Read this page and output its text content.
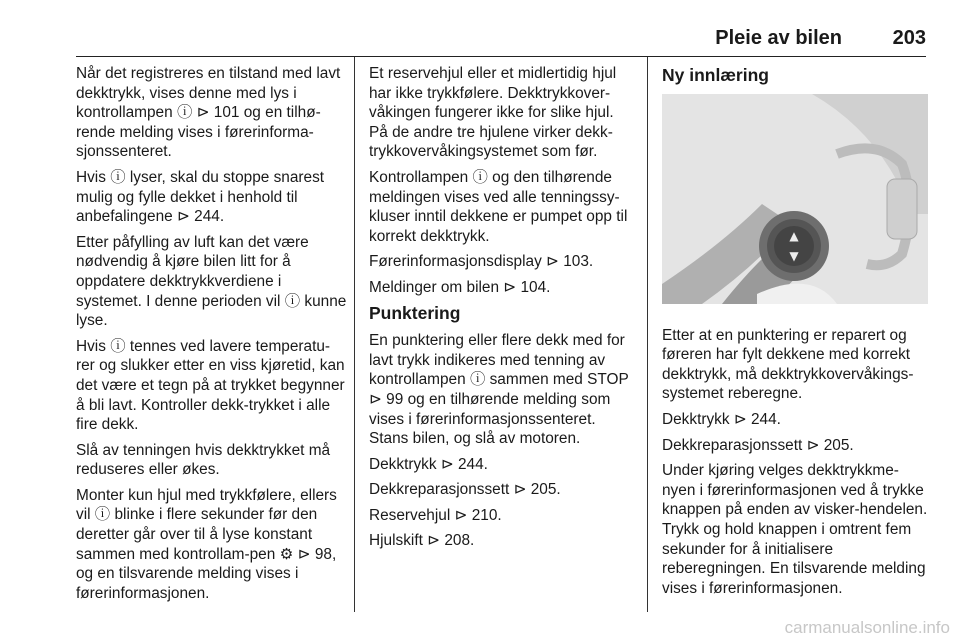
Pleie av bilen	203

Når det registreres en tilstand med lavt dekktrykk, vises denne med lys i kontrollampen ⓘ ⊳ 101 og en tilhø-rende melding vises i førerinforma-sjonssenteret.

Hvis ⓘ lyser, skal du stoppe snarest mulig og fylle dekket i henhold til anbefalingene ⊳ 244.

Etter påfylling av luft kan det være nødvendig å kjøre bilen litt for å oppdatere dekktrykkverdiene i systemet. I denne perioden vil ⓘ kunne lyse.

Hvis ⓘ tennes ved lavere temperatu-rer og slukker etter en viss kjøretid, kan det være et tegn på at trykket begynner å bli lavt. Kontroller dekk-trykket i alle fire dekk.

Slå av tenningen hvis dekktrykket må reduseres eller økes.

Monter kun hjul med trykkfølere, ellers vil ⓘ blinke i flere sekunder før den deretter går over til å lyse konstant sammen med kontrollam-pen ⚙ ⊳ 98, og en tilsvarende melding vises i førerinformasjonen.

Et reservehjul eller et midlertidig hjul har ikke trykkfølere. Dekktrykkover-våkingen fungerer ikke for slike hjul. På de andre tre hjulene virker dekk-trykkovervåkingsystemet som før.

Kontrollampen ⓘ og den tilhørende meldingen vises ved alle tenningssy-kluser inntil dekkene er pumpet opp til korrekt dekktrykk.

Førerinformasjonsdisplay ⊳ 103.

Meldinger om bilen ⊳ 104.

Punktering

En punktering eller flere dekk med for lavt trykk indikeres med tenning av kontrollampen ⓘ sammen med STOP ⊳ 99 og en tilhørende melding som vises i førerinformasjonssenteret. Stans bilen, og slå av motoren.

Dekktrykk ⊳ 244.

Dekkreparasjonssett ⊳ 205.

Reservehjul ⊳ 210.

Hjulskift ⊳ 208.

Ny innlæring
▲
▼

Etter at en punktering er reparert og føreren har fylt dekkene med korrekt dekktrykk, må dekktrykkovervåkings-systemet reberegne.

Dekktrykk ⊳ 244.

Dekkreparasjonssett ⊳ 205.

Under kjøring velges dekktrykkme-nyen i førerinformasjonen ved å trykke knappen på enden av visker-hendelen. Trykk og hold knappen i omtrent fem sekunder for å initialisere reberegningen. En tilsvarende melding vises i førerinformasjonen.

carmanualsonline.info
